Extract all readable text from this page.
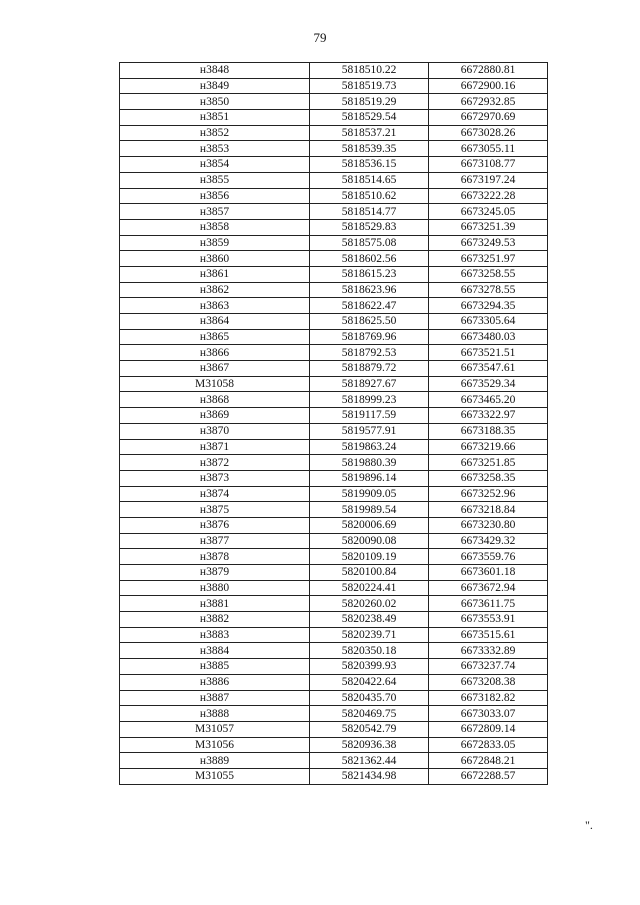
79
н3848	5818510.22	6672880.81
н3849	5818519.73	6672900.16
н3850	5818519.29	6672932.85
н3851	5818529.54	6672970.69
н3852	5818537.21	6673028.26
н3853	5818539.35	6673055.11
н3854	5818536.15	6673108.77
н3855	5818514.65	6673197.24
н3856	5818510.62	6673222.28
н3857	5818514.77	6673245.05
н3858	5818529.83	6673251.39
н3859	5818575.08	6673249.53
н3860	5818602.56	6673251.97
н3861	5818615.23	6673258.55
н3862	5818623.96	6673278.55
н3863	5818622.47	6673294.35
н3864	5818625.50	6673305.64
н3865	5818769.96	6673480.03
н3866	5818792.53	6673521.51
н3867	5818879.72	6673547.61
М31058	5818927.67	6673529.34
н3868	5818999.23	6673465.20
н3869	5819117.59	6673322.97
н3870	5819577.91	6673188.35
н3871	5819863.24	6673219.66
н3872	5819880.39	6673251.85
н3873	5819896.14	6673258.35
н3874	5819909.05	6673252.96
н3875	5819989.54	6673218.84
н3876	5820006.69	6673230.80
н3877	5820090.08	6673429.32
н3878	5820109.19	6673559.76
н3879	5820100.84	6673601.18
н3880	5820224.41	6673672.94
н3881	5820260.02	6673611.75
н3882	5820238.49	6673553.91
н3883	5820239.71	6673515.61
н3884	5820350.18	6673332.89
н3885	5820399.93	6673237.74
н3886	5820422.64	6673208.38
н3887	5820435.70	6673182.82
н3888	5820469.75	6673033.07
М31057	5820542.79	6672809.14
М31056	5820936.38	6672833.05
н3889	5821362.44	6672848.21
М31055	5821434.98	6672288.57
".
